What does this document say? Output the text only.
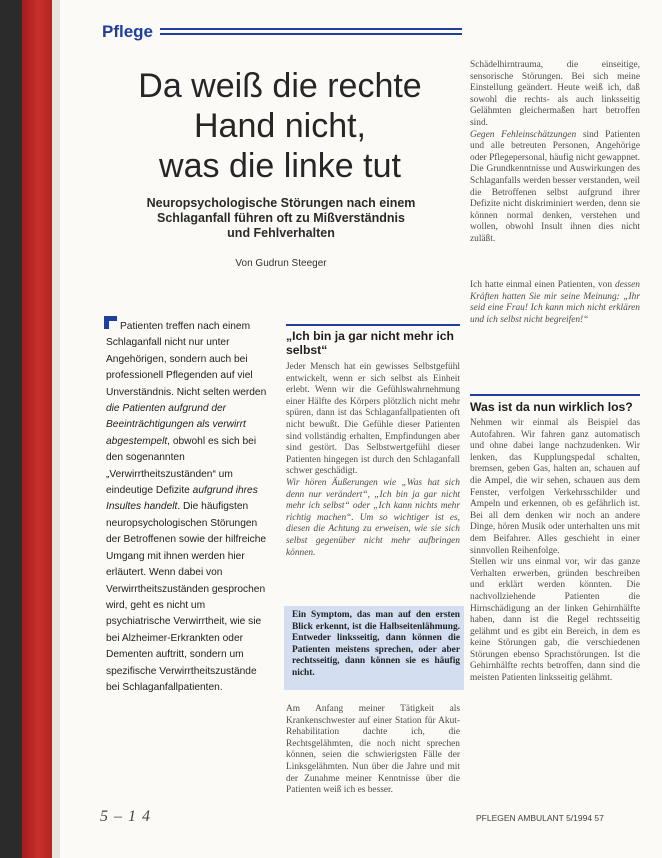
Pflege
Da weiß die rechte
Hand nicht,
was die linke tut
Neuropsychologische Störungen nach einem
Schlaganfall führen oft zu Mißverständnis
und Fehlverhalten
Von Gudrun Steeger
Patienten treffen nach einem Schlaganfall nicht nur unter Angehörigen, sondern auch bei professionell Pflegenden auf viel Unverständnis. Nicht selten werden die Patienten aufgrund der Beeinträchtigungen als verwirrt abgestempelt, obwohl es sich bei den sogenannten „Verwirrtheitszuständen“ um eindeutige Defizite aufgrund ihres Insultes handelt. Die häufigsten neuropsychologischen Störungen der Betroffenen sowie der hilfreiche Umgang mit ihnen werden hier erläutert. Wenn dabei von Verwirrtheitszuständen gesprochen wird, geht es nicht um psychiatrische Verwirrtheit, wie sie bei Alzheimer-Erkrankten oder Dementen auftritt, sondern um spezifische Verwirrtheitszustände bei Schlaganfallpatienten.
„Ich bin ja gar nicht mehr ich selbst“

Jeder Mensch hat ein gewisses Selbstgefühl entwickelt, wenn er sich selbst als Einheit erlebt. Wenn wir die Gefühlswahrnehmung einer Hälfte des Körpers plötzlich nicht mehr spüren, dann ist das Schlaganfallpatienten oft nicht bewußt. Die Gefühle dieser Patienten sind vollständig erhalten, Empfindungen aber sind gestört. Das Selbstwertgefühl dieser Patienten hingegen ist durch den Schlaganfall schwer geschädigt.

Wir hören Äußerungen wie „Was hat sich denn nur verändert“, „Ich bin ja gar nicht mehr ich selbst“ oder „Ich kann nichts mehr richtig machen“. Um so wichtiger ist es, diesen die Achtung zu erweisen, wie sie sich selbst gegenüber nicht mehr aufbringen können.

Ein Symptom, das man auf den ersten Blick erkennt, ist die Halbseitenlähmung. Entweder linksseitig, dann können die Patienten meistens sprechen, oder aber rechtsseitig, dann können sie es häufig nicht.
Am Anfang meiner Tätigkeit als Krankenschwester auf einer Station für Akut-Rehabilitation dachte ich, die Rechtsgelähmten, die noch nicht sprechen können, seien die schwierigsten Fälle der Linksgelähmten. Nun über die Jahre und mit der Zunahme meiner Kenntnisse über die Patienten weiß ich es besser.

Schädelhirntrauma, die einseitige, sensorische Störungen. Bei sich meine Einstellung geändert. Heute weiß ich, daß sowohl die rechts- als auch linksseitig Gelähmten gleichermaßen hart betroffen sind.

Gegen Fehleinschätzungen sind Patienten und alle betreuten Personen, Angehörige oder Pflegepersonal, häufig nicht gewappnet. Die Grundkenntnisse und Auswirkungen des Schlaganfalls werden besser verstanden, weil die Betroffenen selbst aufgrund ihrer Defizite nicht diskriminiert werden, denn sie können normal denken, verstehen und wollen, obwohl Insult ihnen dies nicht zuläßt.

Ich hatte einmal einen Patienten, von dessen Kräften hatten Sie mir seine Meinung: „Ihr seid eine Frau! Ich kann mich nicht erklären und ich selbst nicht begreifen!“
Was ist da nun wirklich los?

Nehmen wir einmal als Beispiel das Autofahren. Wir fahren ganz automatisch und ohne dabei lange nachzudenken. Wir lenken, das Kupplungspedal schalten, bremsen, geben Gas, halten an, schauen auf die Ampel, die wir sehen, schauen aus dem Fenster, verfolgen Verkehrsschilder und Ampeln und erkennen, ob es gefährlich ist. Bei all dem denken wir noch an andere Dinge, hören Musik oder unterhalten uns mit dem Beifahrer. Alles geschieht in einer sinnvollen Reihenfolge.

Stellen wir uns einmal vor, wir das ganze Verhalten erwerben, gründen beschreiben und erklärt werden könnten. Die nachvollziehende Patienten die Hirnschädigung an der linken Gehirnhälfte haben, dann ist die Regel rechtsseitig gelähmt und es gibt ein Bereich, in dem es keine Störungen gab, die verschiedenen Störungen ebenso Sprachstörungen. Ist die Gehirnhälfte rechts betroffen, dann sind die meisten Patienten linksseitig gelähmt.

5 – 1 4	PFLEGEN AMBULANT 5/1994 57
